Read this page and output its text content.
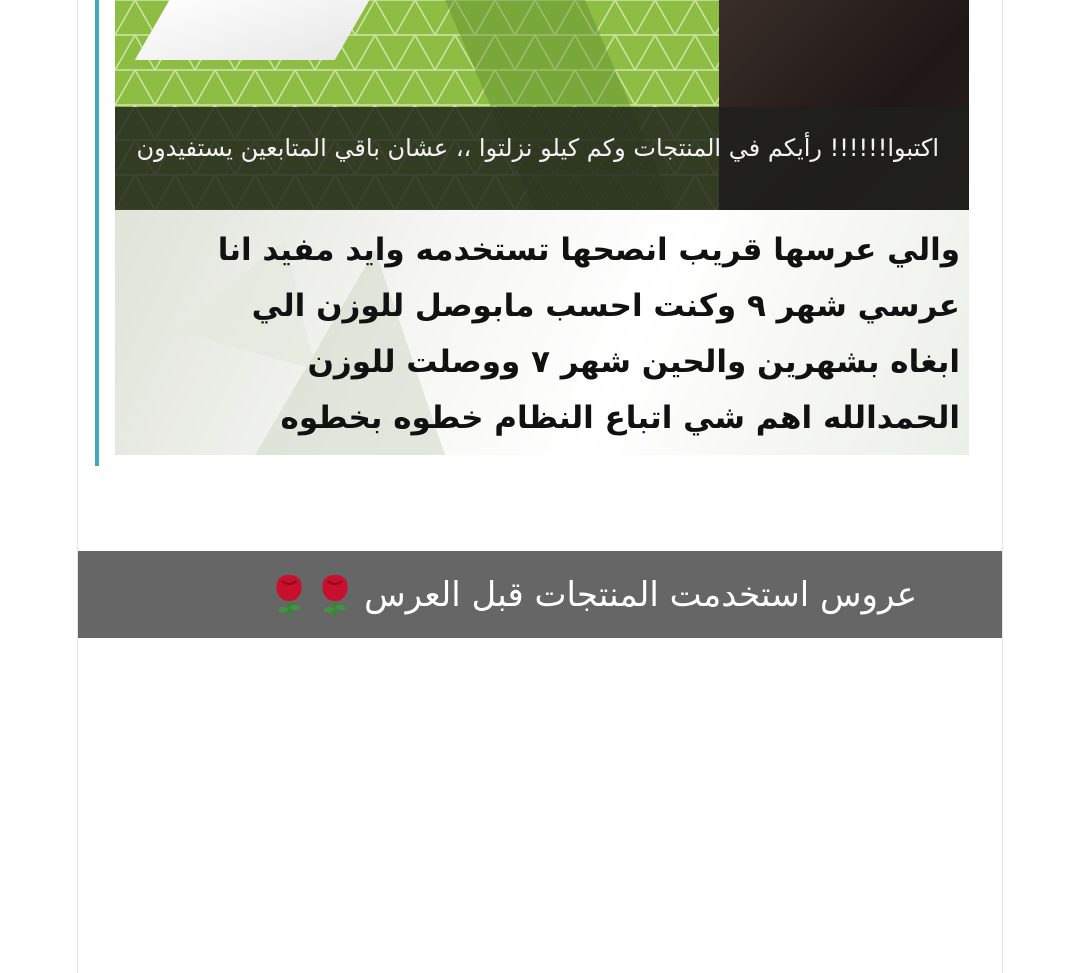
اكتبوا!!!!!! رأيكم في المنتجات وكم كيلو نزلتوا ،، عشان باقي المتابعين يستفيدون
والي عرسها قريب انصحها تستخدمه وايد مفيد انا عرسي شهر ٩ وكنت احسب مابوصل للوزن الي ابغاه بشهرين والحين شهر ٧ ووصلت للوزن الحمدالله اهم شي اتباع النظام خطوه بخطوه
عروس استخدمت المنتجات قبل العرس
